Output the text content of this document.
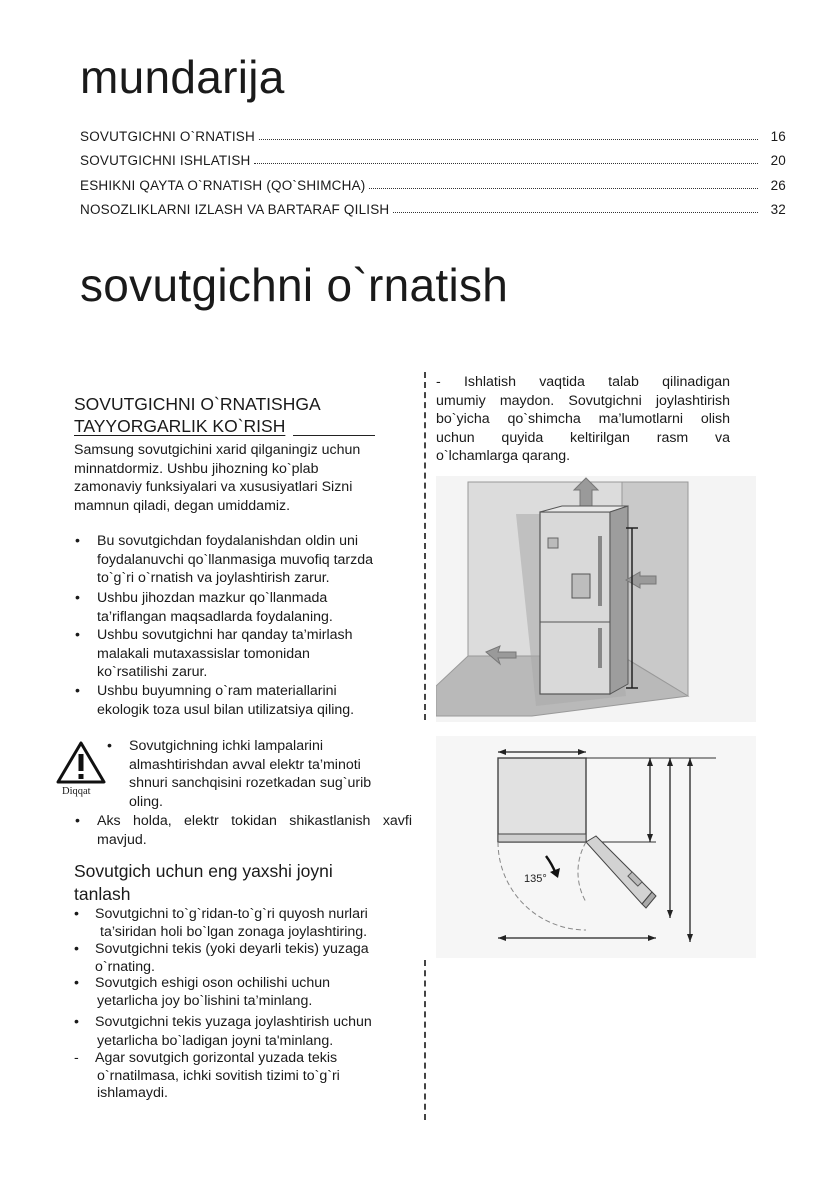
mundarija
SOVUTGICHNI O`RNATISH	16
SOVUTGICHNI ISHLATISH	20
ESHIKNI QAYTA O`RNATISH (QO`SHIMCHA)	26
NOSOZLIKLARNI IZLASH VA BARTARAF QILISH	32
sovutgichni o`rnatish
SOVUTGICHNI O`RNATISHGA
TAYYORGARLIK KO`RISH
Samsung sovutgichini xarid qilganingiz uchun
minnatdormiz. Ushbu jihozning ko`plab
zamonaviy funksiyalari va xususiyatlari Sizni
mamnun qiladi, degan umiddamiz.
• Bu sovutgichdan foydalanishdan oldin uni
foydalanuvchi qo`llanmasiga muvofiq tarzda
to`g`ri o`rnatish va joylashtirish zarur.
• Ushbu jihozdan mazkur qo`llanmada
ta’riflangan maqsadlarda foydalaning.
• Ushbu sovutgichni har qanday ta’mirlash
malakali mutaxassislar tomonidan
ko`rsatilishi zarur.
• Ushbu buyumning o`ram materiallarini
ekologik toza usul bilan utilizatsiya qiling.
Diqqat
• Sovutgichning ichki lampalarini
almashtirishdan avval elektr ta’minoti
shnuri sanchqisini rozetkadan sug`urib
oling.
• Aks holda, elektr tokidan shikastlanish xavfi
mavjud.
Sovutgich uchun eng yaxshi joyni
tanlash
• Sovutgichni to`g`ridan-to`g`ri quyosh nurlari
ta’siridan holi bo`lgan zonaga joylashtiring.
• Sovutgichni tekis (yoki deyarli tekis) yuzaga
o`rnating.
• Sovutgich eshigi oson ochilishi uchun
yetarlicha joy bo`lishini ta’minlang.
• Sovutgichni tekis yuzaga joylashtirish uchun
yetarlicha bo`ladigan joyni ta'minlang.
- Agar sovutgich gorizontal yuzada tekis
o`rnatilmasa, ichki sovitish tizimi to`g`ri
ishlamaydi.
- Ishlatish vaqtida talab qilinadigan
umumiy maydon. Sovutgichni joylashtirish
bo`yicha qo`shimcha ma’lumotlarni olish
uchun quyida keltirilgan rasm va
o`lchamlarga qarang.
135°
